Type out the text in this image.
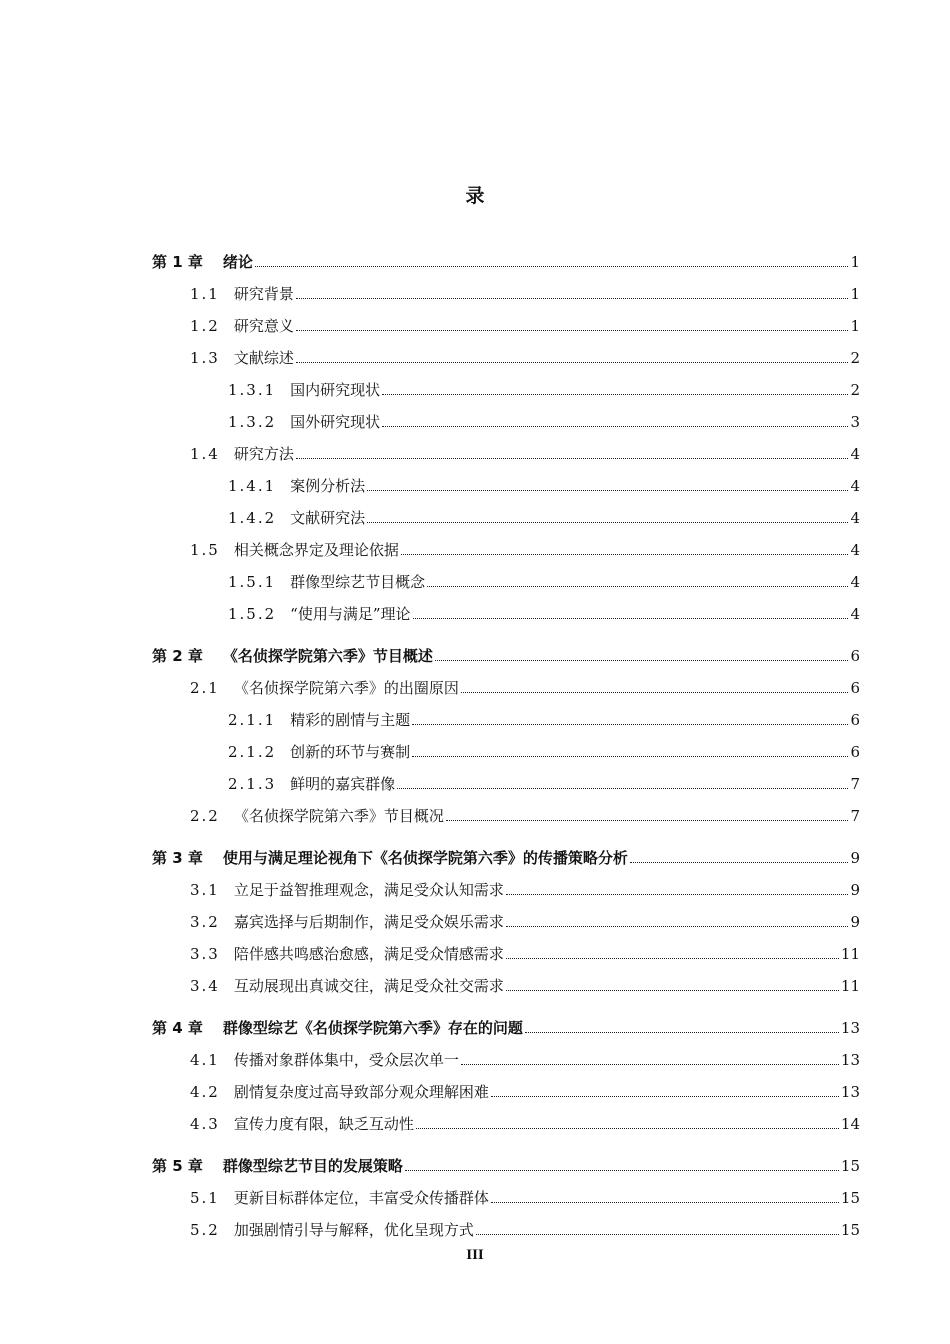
录
第 1 章 绪论	1
1.1 研究背景	1
1.2 研究意义	1
1.3 文献综述	2
1.3.1 国内研究现状	2
1.3.2 国外研究现状	3
1.4 研究方法	4
1.4.1 案例分析法	4
1.4.2 文献研究法	4
1.5 相关概念界定及理论依据	4
1.5.1 群像型综艺节目概念	4
1.5.2 “使用与满足”理论	4
第 2 章 《名侦探学院第六季》节目概述	6
2.1 《名侦探学院第六季》的出圈原因	6
2.1.1 精彩的剧情与主题	6
2.1.2 创新的环节与赛制	6
2.1.3 鲜明的嘉宾群像	7
2.2 《名侦探学院第六季》节目概况	7
第 3 章 使用与满足理论视角下《名侦探学院第六季》的传播策略分析	9
3.1 立足于益智推理观念，满足受众认知需求	9
3.2 嘉宾选择与后期制作，满足受众娱乐需求	9
3.3 陪伴感共鸣感治愈感，满足受众情感需求	11
3.4 互动展现出真诚交往，满足受众社交需求	11
第 4 章 群像型综艺《名侦探学院第六季》存在的问题	13
4.1 传播对象群体集中，受众层次单一	13
4.2 剧情复杂度过高导致部分观众理解困难	13
4.3 宣传力度有限，缺乏互动性	14
第 5 章 群像型综艺节目的发展策略	15
5.1 更新目标群体定位，丰富受众传播群体	15
5.2 加强剧情引导与解释，优化呈现方式	15
III
